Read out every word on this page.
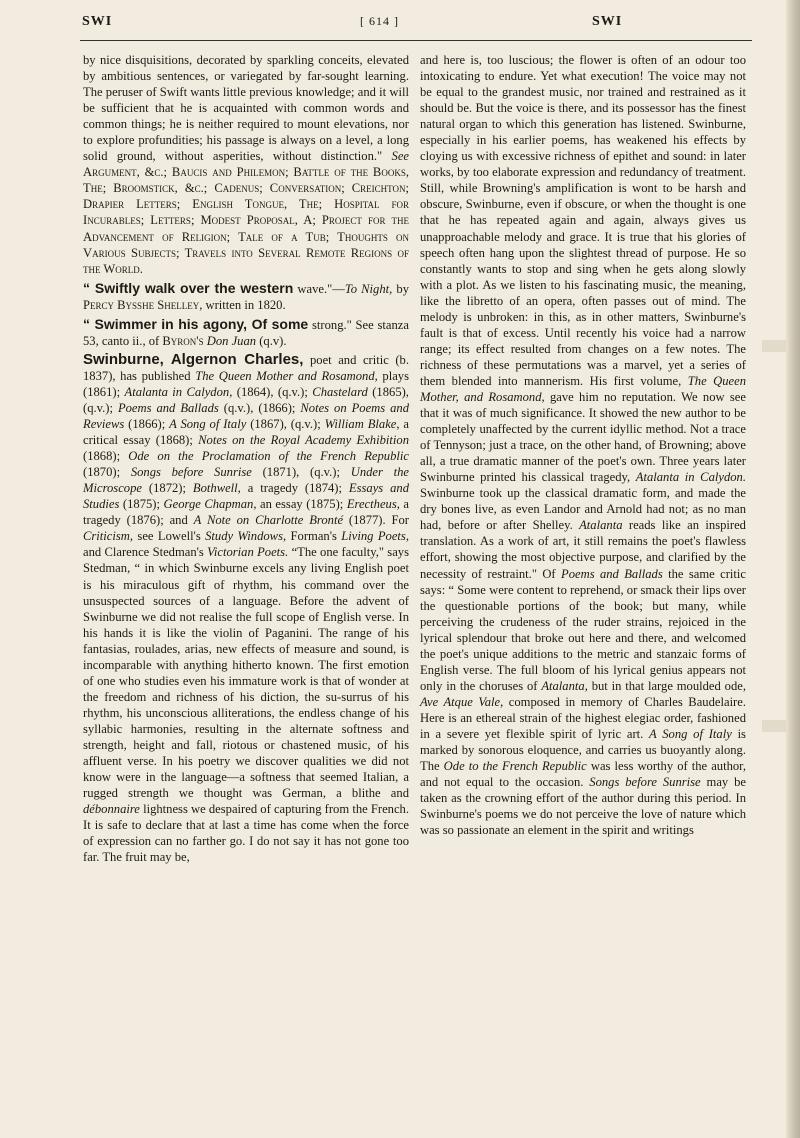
SWI	[ 614 ]	SWI

by nice disquisitions, decorated by sparkling conceits, elevated by ambitious sentences, or variegated by far-sought learning. The peruser of Swift wants little previous knowledge; and it will be sufficient that he is acquainted with common words and common things; he is neither required to mount elevations, nor to explore profundities; his passage is always on a level, a long solid ground, without asperities, without distinction." See Argument, &c.; Baucis and Philemon; Battle of the Books, The; Broomstick, &c.; Cadenus; Conversation; Creichton; Drapier Letters; English Tongue, The; Hospital for Incurables; Letters; Modest Proposal, A; Project for the Advancement of Religion; Tale of a Tub; Thoughts on Various Subjects; Travels into Several Remote Regions of the World.

“ Swiftly walk over the western wave."—To Night, by Percy Bysshe Shelley, written in 1820.

“ Swimmer in his agony, Of some strong." See stanza 53, canto ii., of Byron's Don Juan (q.v).

Swinburne, Algernon Charles, poet and critic (b. 1837), has published The Queen Mother and Rosamond, plays (1861); Atalanta in Calydon, (1864), (q.v.); Chastelard (1865), (q.v.); Poems and Ballads (q.v.), (1866); Notes on Poems and Reviews (1866); A Song of Italy (1867), (q.v.); William Blake, a critical essay (1868); Notes on the Royal Academy Exhibition (1868); Ode on the Proclamation of the French Republic (1870); Songs before Sunrise (1871), (q.v.); Under the Microscope (1872); Bothwell, a tragedy (1874); Essays and Studies (1875); George Chapman, an essay (1875); Erectheus, a tragedy (1876); and A Note on Charlotte Bronté (1877). For Criticism, see Lowell's Study Windows, Forman's Living Poets, and Clarence Stedman's Victorian Poets. “The one faculty," says Stedman, “ in which Swinburne excels any living English poet is his miraculous gift of rhythm, his command over the unsuspected sources of a language. Before the advent of Swinburne we did not realise the full scope of English verse. In his hands it is like the violin of Paganini. The range of his fantasias, roulades, arias, new effects of measure and sound, is incomparable with anything hitherto known. The first emotion of one who studies even his immature work is that of wonder at the freedom and richness of his diction, the su-surrus of his rhythm, his unconscious alliterations, the endless change of his syllabic harmonies, resulting in the alternate softness and strength, height and fall, riotous or chastened music, of his affluent verse. In his poetry we discover qualities we did not know were in the language—a softness that seemed Italian, a rugged strength we thought was German, a blithe and débonnaire lightness we despaired of capturing from the French. It is safe to declare that at last a time has come when the force of expression can no farther go. I do not say it has not gone too far. The fruit may be,

and here is, too luscious; the flower is often of an odour too intoxicating to endure. Yet what execution! The voice may not be equal to the grandest music, nor trained and restrained as it should be. But the voice is there, and its possessor has the finest natural organ to which this generation has listened. Swinburne, especially in his earlier poems, has weakened his effects by cloying us with excessive richness of epithet and sound: in later works, by too elaborate expression and redundancy of treatment. Still, while Browning's amplification is wont to be harsh and obscure, Swinburne, even if obscure, or when the thought is one that he has repeated again and again, always gives us unapproachable melody and grace. It is true that his glories of speech often hang upon the slightest thread of purpose. He so constantly wants to stop and sing when he gets along slowly with a plot. As we listen to his fascinating music, the meaning, like the libretto of an opera, often passes out of mind. The melody is unbroken: in this, as in other matters, Swinburne's fault is that of excess. Until recently his voice had a narrow range; its effect resulted from changes on a few notes. The richness of these permutations was a marvel, yet a series of them blended into mannerism. His first volume, The Queen Mother, and Rosamond, gave him no reputation. We now see that it was of much significance. It showed the new author to be completely unaffected by the current idyllic method. Not a trace of Tennyson; just a trace, on the other hand, of Browning; above all, a true dramatic manner of the poet's own. Three years later Swinburne printed his classical tragedy, Atalanta in Calydon. Swinburne took up the classical dramatic form, and made the dry bones live, as even Landor and Arnold had not; as no man had, before or after Shelley. Atalanta reads like an inspired translation. As a work of art, it still remains the poet's flawless effort, showing the most objective purpose, and clarified by the necessity of restraint." Of Poems and Ballads the same critic says: “ Some were content to reprehend, or smack their lips over the questionable portions of the book; but many, while perceiving the crudeness of the ruder strains, rejoiced in the lyrical splendour that broke out here and there, and welcomed the poet's unique additions to the metric and stanzaic forms of English verse. The full bloom of his lyrical genius appears not only in the choruses of Atalanta, but in that large moulded ode, Ave Atque Vale, composed in memory of Charles Baudelaire. Here is an ethereal strain of the highest elegiac order, fashioned in a severe yet flexible spirit of lyric art. A Song of Italy is marked by sonorous eloquence, and carries us buoyantly along. The Ode to the French Republic was less worthy of the author, and not equal to the occasion. Songs before Sunrise may be taken as the crowning effort of the author during this period. In Swinburne's poems we do not perceive the love of nature which was so passionate an element in the spirit and writings
